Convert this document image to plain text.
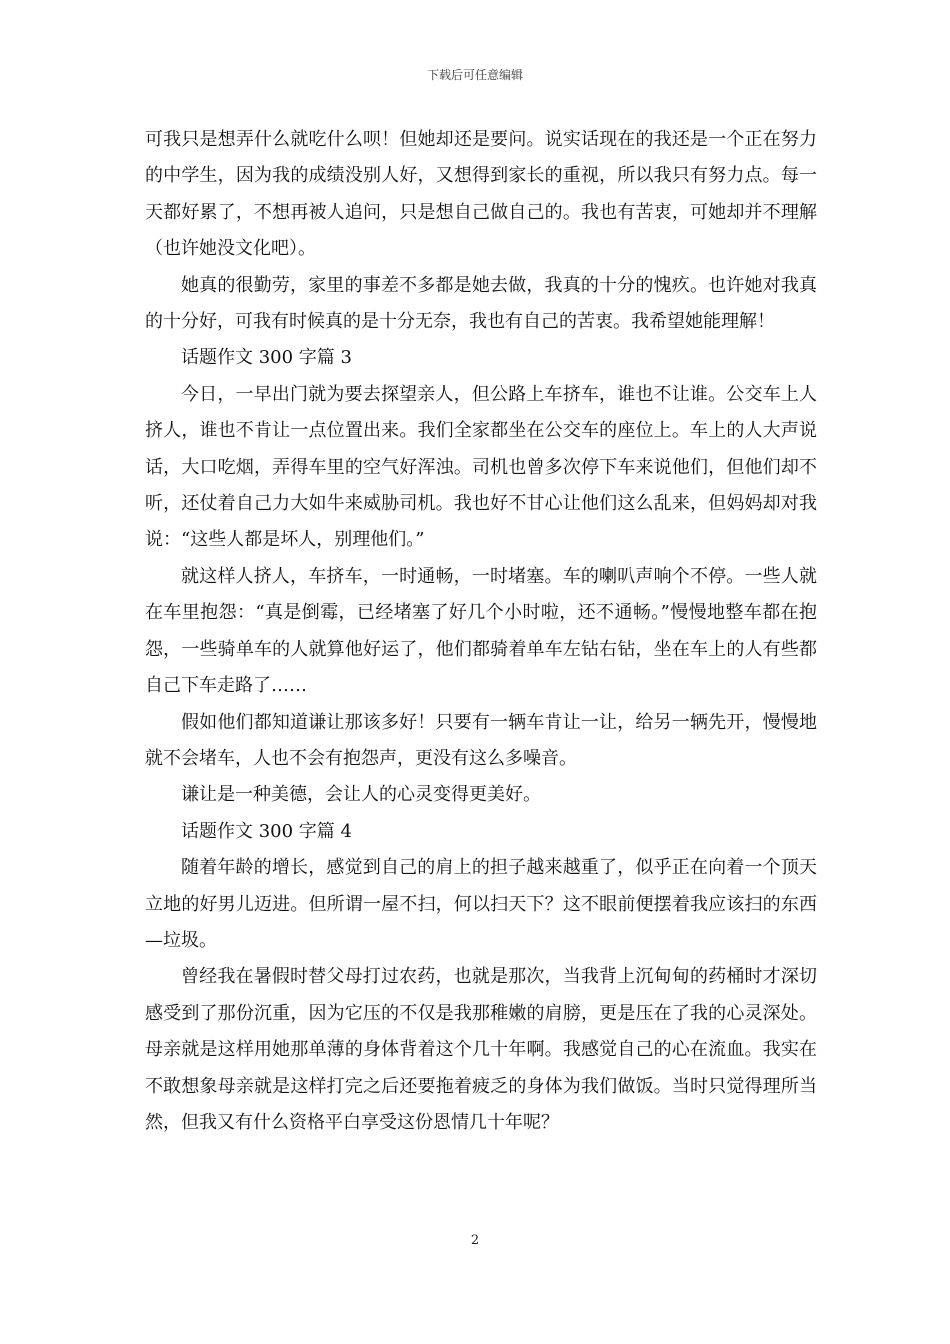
下载后可任意编辑

可我只是想弄什么就吃什么呗！但她却还是要问。说实话现在的我还是一个正在努力的中学生，因为我的成绩没别人好，又想得到家长的重视，所以我只有努力点。每一天都好累了，不想再被人追问，只是想自己做自己的。我也有苦衷，可她却并不理解（也许她没文化吧）。

她真的很勤劳，家里的事差不多都是她去做，我真的十分的愧疚。也许她对我真的十分好，可我有时候真的是十分无奈，我也有自己的苦衷。我希望她能理解！

话题作文 300 字篇 3

今日，一早出门就为要去探望亲人，但公路上车挤车，谁也不让谁。公交车上人挤人，谁也不肯让一点位置出来。我们全家都坐在公交车的座位上。车上的人大声说话，大口吃烟，弄得车里的空气好浑浊。司机也曾多次停下车来说他们，但他们却不听，还仗着自己力大如牛来威胁司机。我也好不甘心让他们这么乱来，但妈妈却对我说：“这些人都是坏人，别理他们。”

就这样人挤人，车挤车，一时通畅，一时堵塞。车的喇叭声响个不停。一些人就在车里抱怨：“真是倒霉，已经堵塞了好几个小时啦，还不通畅。”慢慢地整车都在抱怨，一些骑单车的人就算他好运了，他们都骑着单车左钻右钻，坐在车上的人有些都自己下车走路了……

假如他们都知道谦让那该多好！只要有一辆车肯让一让，给另一辆先开，慢慢地就不会堵车，人也不会有抱怨声，更没有这么多噪音。

谦让是一种美德，会让人的心灵变得更美好。

话题作文 300 字篇 4

随着年龄的增长，感觉到自己的肩上的担子越来越重了，似乎正在向着一个顶天立地的好男儿迈进。但所谓一屋不扫，何以扫天下？这不眼前便摆着我应该扫的东西—垃圾。

曾经我在暑假时替父母打过农药，也就是那次，当我背上沉甸甸的药桶时才深切感受到了那份沉重，因为它压的不仅是我那稚嫩的肩膀，更是压在了我的心灵深处。母亲就是这样用她那单薄的身体背着这个几十年啊。我感觉自己的心在流血。我实在不敢想象母亲就是这样打完之后还要拖着疲乏的身体为我们做饭。当时只觉得理所当然，但我又有什么资格平白享受这份恩情几十年呢？

2
